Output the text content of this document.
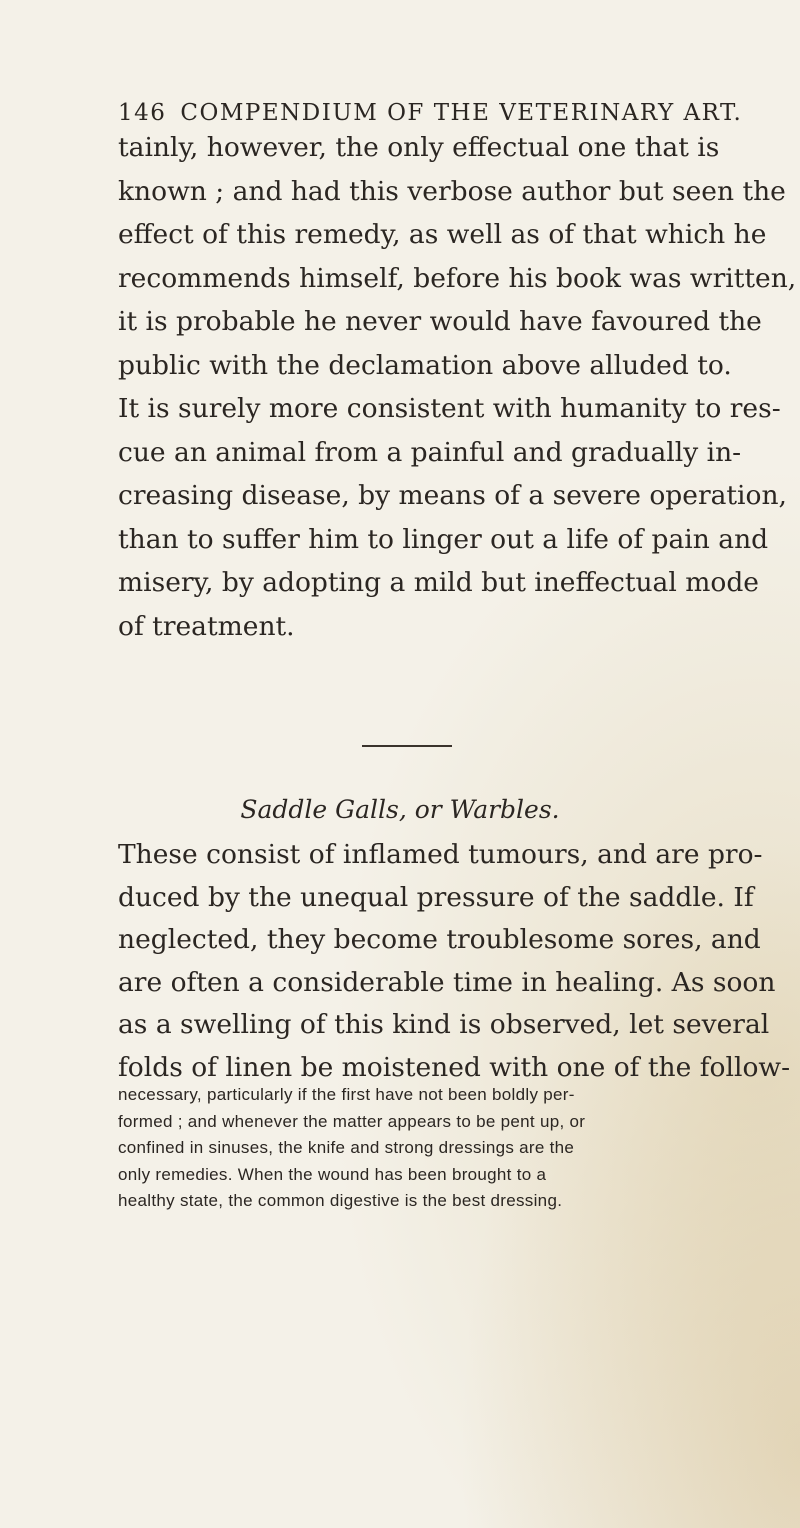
146 COMPENDIUM OF THE VETERINARY ART.
tainly, however, the only effectual one that is
known ; and had this verbose author but seen the
effect of this remedy, as well as of that which he
recommends himself, before his book was written,
it is probable he never would have favoured the
public with the declamation above alluded to.
It is surely more consistent with humanity to res-
cue an animal from a painful and gradually in-
creasing disease, by means of a severe operation,
than to suffer him to linger out a life of pain and
misery, by adopting a mild but ineffectual mode
of treatment.
Saddle Galls, or Warbles.
These consist of inflamed tumours, and are pro-
duced by the unequal pressure of the saddle. If
neglected, they become troublesome sores, and
are often a considerable time in healing. As soon
as a swelling of this kind is observed, let several
folds of linen be moistened with one of the follow-
necessary, particularly if the first have not been boldly per-
formed ; and whenever the matter appears to be pent up, or
confined in sinuses, the knife and strong dressings are the
only remedies. When the wound has been brought to a
healthy state, the common digestive is the best dressing.
